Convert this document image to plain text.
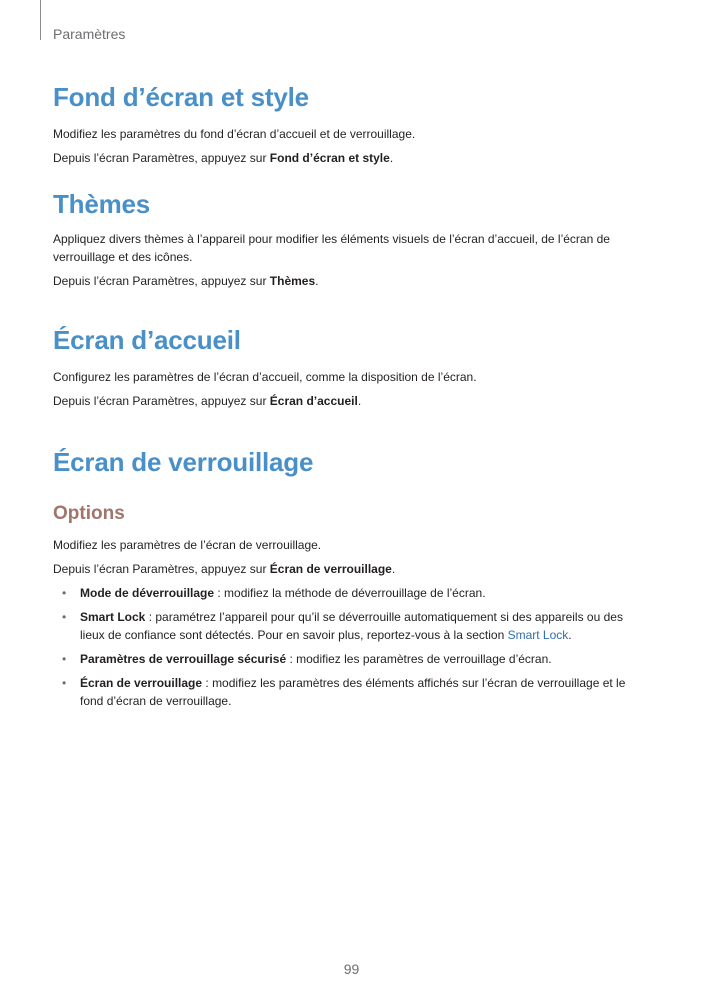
Paramètres
Fond d’écran et style

Modifiez les paramètres du fond d’écran d’accueil et de verrouillage.

Depuis l’écran Paramètres, appuyez sur Fond d’écran et style.

Thèmes

Appliquez divers thèmes à l’appareil pour modifier les éléments visuels de l’écran d’accueil, de l’écran de verrouillage et des icônes.

Depuis l’écran Paramètres, appuyez sur Thèmes.

Écran d’accueil

Configurez les paramètres de l’écran d’accueil, comme la disposition de l’écran.

Depuis l’écran Paramètres, appuyez sur Écran d’accueil.

Écran de verrouillage
Options

Modifiez les paramètres de l’écran de verrouillage.

Depuis l’écran Paramètres, appuyez sur Écran de verrouillage.

• Mode de déverrouillage : modifiez la méthode de déverrouillage de l’écran.
• Smart Lock : paramétrez l’appareil pour qu’il se déverrouille automatiquement si des appareils ou des lieux de confiance sont détectés. Pour en savoir plus, reportez-vous à la section Smart Lock.
• Paramètres de verrouillage sécurisé : modifiez les paramètres de verrouillage d’écran.
• Écran de verrouillage : modifiez les paramètres des éléments affichés sur l’écran de verrouillage et le fond d’écran de verrouillage.
99
